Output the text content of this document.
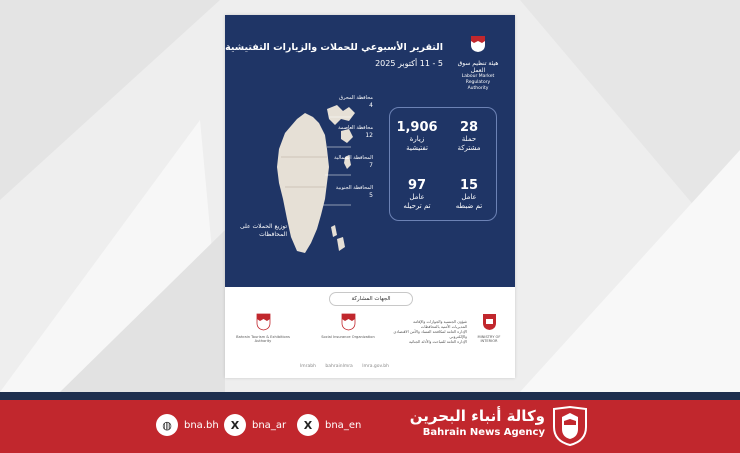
هيئة تنظيم سوق العمل
Labour Market Regulatory Authority
التقرير الأسبوعي للحملات والزيارات التفتيشية
5 - 11 أكتوبر 2025
محافظة المحرق
4
محافظة العاصمة
12
المحافظة الشمالية
7
المحافظة الجنوبية
5
توزيع الحملات على المحافظات
28
حملة
مشتركة
1,906
زيارة
تفتيشية
15
عامل
تم ضبطه
97
عامل
تم ترحيله
الجهات المشاركة
MINISTRY OF INTERIOR
شؤون الجنسية والجوازات والإقامة
المديريات الأمنية بالمحافظات
الإدارة العامة لمكافحة الفساد والأمن الاقتصادي والإلكتروني
الإدارة العامة للمباحث والأدلة الجنائية
Social Insurance Organization
Bahrain Tourism & Exhibitions Authority
lmrabh bahrainlmra lmra.gov.bh
◍	bna.bh	X	bna_ar	X	bna_en	وكالة أنباء البحرين
Bahrain News Agency
